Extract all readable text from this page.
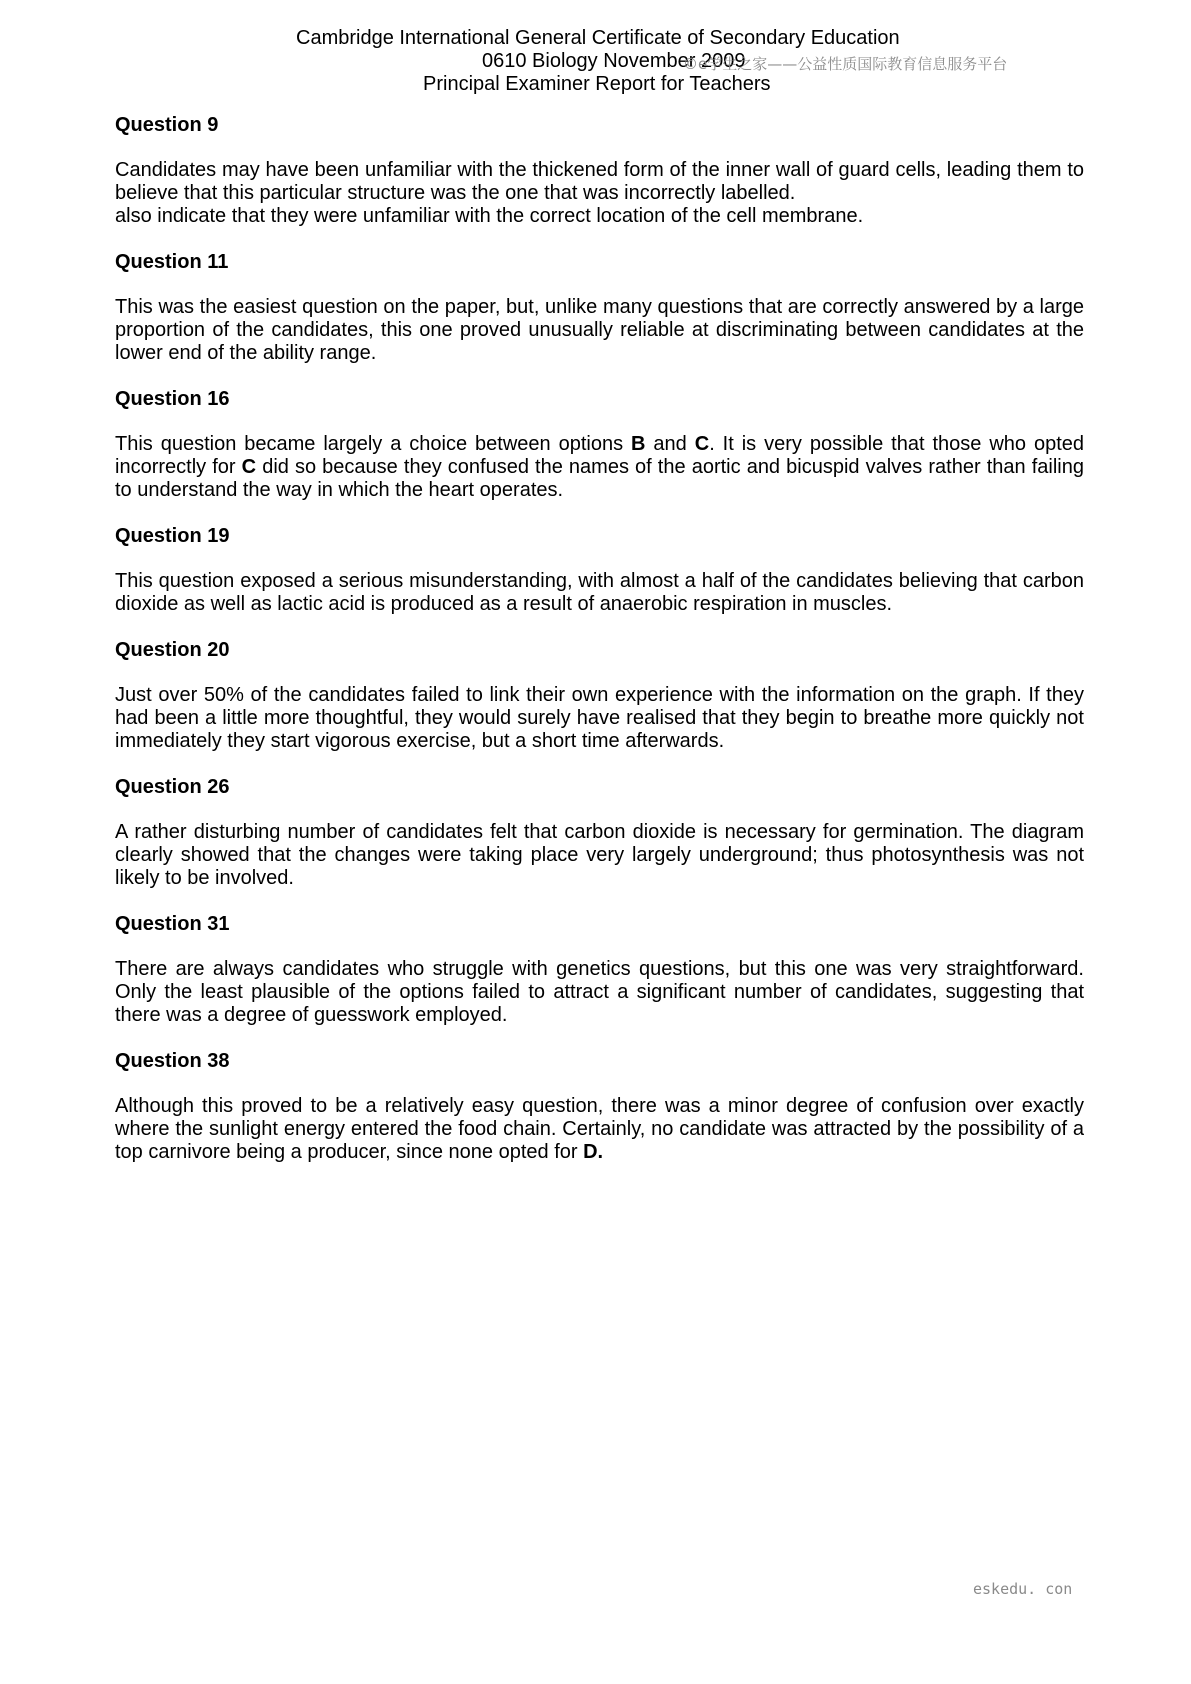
Cambridge International General Certificate of Secondary Education
0610 Biology November 2009
Principal Examiner Report for Teachers
©e学生之家——公益性质国际教育信息服务平台
Question 9
Candidates may have been unfamiliar with the thickened form of the inner wall of guard cells, leading them to believe that this particular structure was the one that was incorrectly labelled.
also indicate that they were unfamiliar with the correct location of the cell membrane.
Question 11
This was the easiest question on the paper, but, unlike many questions that are correctly answered by a large proportion of the candidates, this one proved unusually reliable at discriminating between candidates at the lower end of the ability range.
Question 16
This question became largely a choice between options B and C. It is very possible that those who opted incorrectly for C did so because they confused the names of the aortic and bicuspid valves rather than failing to understand the way in which the heart operates.
Question 19
This question exposed a serious misunderstanding, with almost a half of the candidates believing that carbon dioxide as well as lactic acid is produced as a result of anaerobic respiration in muscles.
Question 20
Just over 50% of the candidates failed to link their own experience with the information on the graph. If they had been a little more thoughtful, they would surely have realised that they begin to breathe more quickly not immediately they start vigorous exercise, but a short time afterwards.
Question 26
A rather disturbing number of candidates felt that carbon dioxide is necessary for germination. The diagram clearly showed that the changes were taking place very largely underground; thus photosynthesis was not likely to be involved.
Question 31
There are always candidates who struggle with genetics questions, but this one was very straightforward. Only the least plausible of the options failed to attract a significant number of candidates, suggesting that there was a degree of guesswork employed.
Question 38
Although this proved to be a relatively easy question, there was a minor degree of confusion over exactly where the sunlight energy entered the food chain. Certainly, no candidate was attracted by the possibility of a top carnivore being a producer, since none opted for D.
eskedu. con
